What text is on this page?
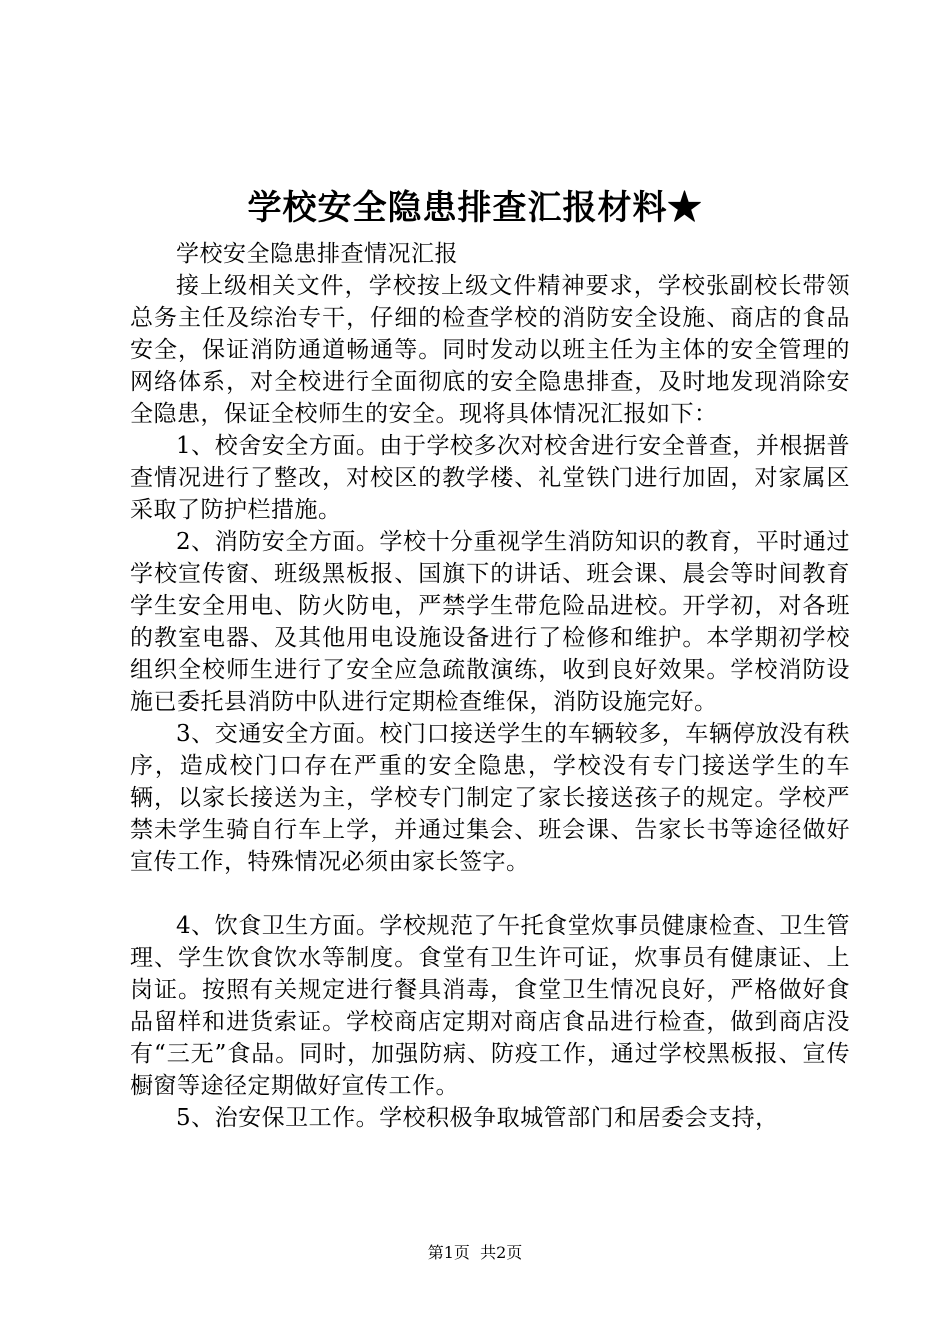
学校安全隐患排查汇报材料★

学校安全隐患排查情况汇报

接上级相关文件，学校按上级文件精神要求，学校张副校长带领总务主任及综治专干，仔细的检查学校的消防安全设施、商店的食品安全，保证消防通道畅通等。同时发动以班主任为主体的安全管理的网络体系，对全校进行全面彻底的安全隐患排查，及时地发现消除安全隐患，保证全校师生的安全。现将具体情况汇报如下：

1、校舍安全方面。由于学校多次对校舍进行安全普查，并根据普查情况进行了整改，对校区的教学楼、礼堂铁门进行加固，对家属区采取了防护栏措施。

2、消防安全方面。学校十分重视学生消防知识的教育，平时通过学校宣传窗、班级黑板报、国旗下的讲话、班会课、晨会等时间教育学生安全用电、防火防电，严禁学生带危险品进校。开学初，对各班的教室电器、及其他用电设施设备进行了检修和维护。本学期初学校组织全校师生进行了安全应急疏散演练，收到良好效果。学校消防设施已委托县消防中队进行定期检查维保，消防设施完好。

3、交通安全方面。校门口接送学生的车辆较多，车辆停放没有秩序，造成校门口存在严重的安全隐患，学校没有专门接送学生的车辆，以家长接送为主，学校专门制定了家长接送孩子的规定。学校严禁未学生骑自行车上学，并通过集会、班会课、告家长书等途径做好宣传工作，特殊情况必须由家长签字。

4、饮食卫生方面。学校规范了午托食堂炊事员健康检查、卫生管理、学生饮食饮水等制度。食堂有卫生许可证，炊事员有健康证、上岗证。按照有关规定进行餐具消毒，食堂卫生情况良好，严格做好食品留样和进货索证。学校商店定期对商店食品进行检查，做到商店没有“三无”食品。同时，加强防病、防疫工作，通过学校黑板报、宣传橱窗等途径定期做好宣传工作。

5、治安保卫工作。学校积极争取城管部门和居委会支持，

第1页  共2页
